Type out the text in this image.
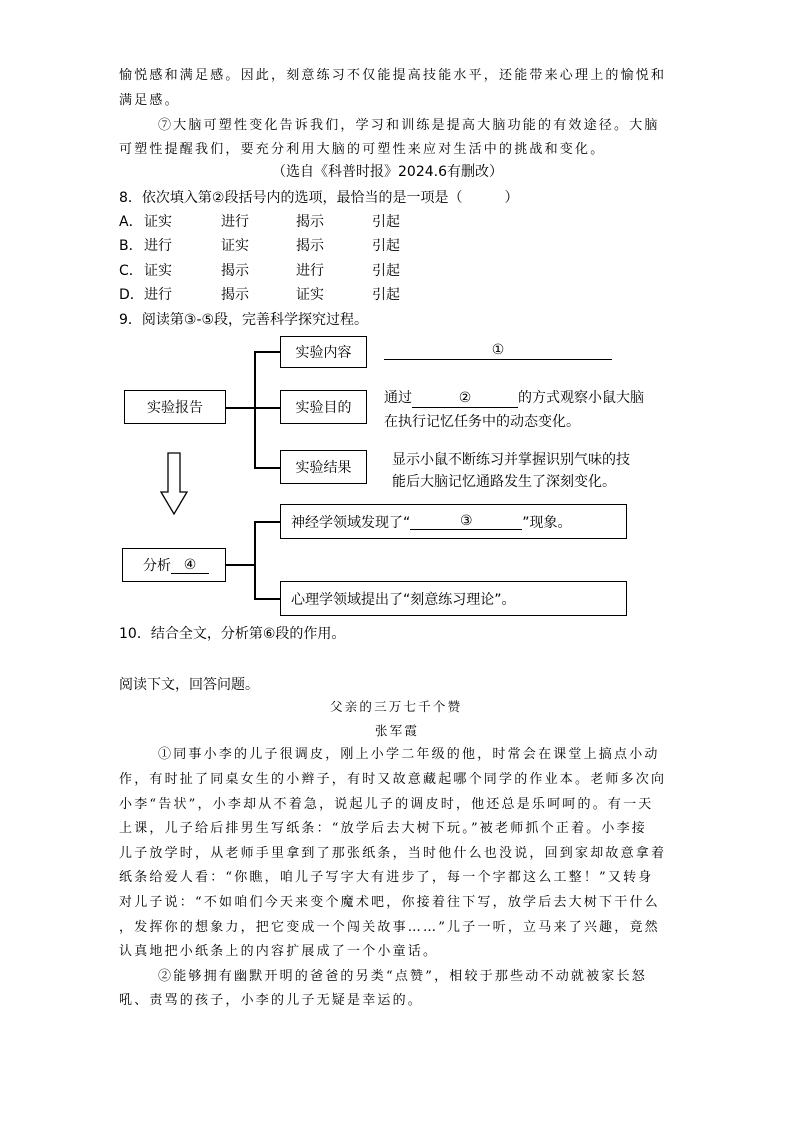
愉悦感和满足感。因此，刻意练习不仅能提高技能水平，还能带来心理上的愉悦和
满足感。
⑦大脑可塑性变化告诉我们，学习和训练是提高大脑功能的有效途径。大脑
可塑性提醒我们，要充分利用大脑的可塑性来应对生活中的挑战和变化。
（选自《科普时报》2024.6有删改）
8．依次填入第②段括号内的选项，最恰当的是一项是（　　　）
A．证实	进行	揭示	引起
B．进行	证实	揭示	引起
C．证实	揭示	进行	引起
D．进行	揭示	证实	引起
9．阅读第③-⑤段，完善科学探究过程。
实验报告
实验内容
实验目的
实验结果
①
通过	②	的方式观察小鼠大脑
在执行记忆任务中的动态变化。
显示小鼠不断练习并掌握识别气味的技
能后大脑记忆通路发生了深刻变化。
分析 ④
神经学领域发现了“	③	”现象。
心理学领域提出了“刻意练习理论”。
10．结合全文，分析第⑥段的作用。
阅读下文，回答问题。
父亲的三万七千个赞
张军霞
①同事小李的儿子很调皮，刚上小学二年级的他，时常会在课堂上搞点小动
作，有时扯了同桌女生的小辫子，有时又故意藏起哪个同学的作业本。老师多次向
小李“告状”，小李却从不着急，说起儿子的调皮时，他还总是乐呵呵的。有一天
上课，儿子给后排男生写纸条：“放学后去大树下玩。”被老师抓个正着。小李接
儿子放学时，从老师手里拿到了那张纸条，当时他什么也没说，回到家却故意拿着
纸条给爱人看：“你瞧，咱儿子写字大有进步了，每一个字都这么工整！”又转身
对儿子说：“不如咱们今天来变个魔术吧，你接着往下写，放学后去大树下干什么
，发挥你的想象力，把它变成一个闯关故事……”儿子一听，立马来了兴趣，竟然
认真地把小纸条上的内容扩展成了一个小童话。
②能够拥有幽默开明的爸爸的另类“点赞”，相较于那些动不动就被家长怒
吼、责骂的孩子，小李的儿子无疑是幸运的。
